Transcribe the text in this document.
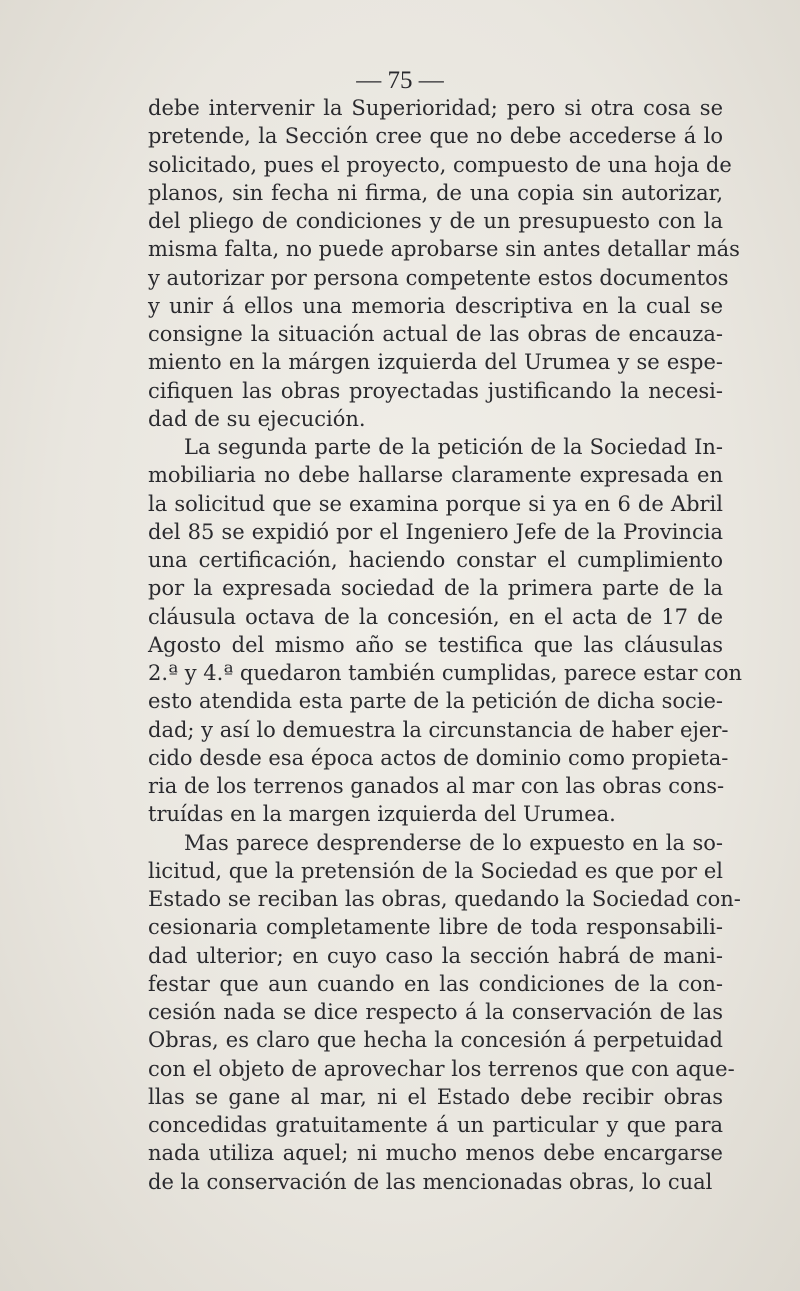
— 75 —
debe intervenir la Superioridad; pero si otra cosa se
pretende, la Sección cree que no debe accederse á lo
solicitado, pues el proyecto, compuesto de una hoja de
planos, sin fecha ni firma, de una copia sin autorizar,
del pliego de condiciones y de un presupuesto con la
misma falta, no puede aprobarse sin antes detallar más
y autorizar por persona competente estos documentos
y unir á ellos una memoria descriptiva en la cual se
consigne la situación actual de las obras de encauza-
miento en la márgen izquierda del Urumea y se espe-
cifiquen las obras proyectadas justificando la necesi-
dad de su ejecución.
La segunda parte de la petición de la Sociedad In-
mobiliaria no debe hallarse claramente expresada en
la solicitud que se examina porque si ya en 6 de Abril
del 85 se expidió por el Ingeniero Jefe de la Provincia
una certificación, haciendo constar el cumplimiento
por la expresada sociedad de la primera parte de la
cláusula octava de la concesión, en el acta de 17 de
Agosto del mismo año se testifica que las cláusulas
2.ª y 4.ª quedaron también cumplidas, parece estar con
esto atendida esta parte de la petición de dicha socie-
dad; y así lo demuestra la circunstancia de haber ejer-
cido desde esa época actos de dominio como propieta-
ria de los terrenos ganados al mar con las obras cons-
truídas en la margen izquierda del Urumea.
Mas parece desprenderse de lo expuesto en la so-
licitud, que la pretensión de la Sociedad es que por el
Estado se reciban las obras, quedando la Sociedad con-
cesionaria completamente libre de toda responsabili-
dad ulterior; en cuyo caso la sección habrá de mani-
festar que aun cuando en las condiciones de la con-
cesión nada se dice respecto á la conservación de las
Obras, es claro que hecha la concesión á perpetuidad
con el objeto de aprovechar los terrenos que con aque-
llas se gane al mar, ni el Estado debe recibir obras
concedidas gratuitamente á un particular y que para
nada utiliza aquel; ni mucho menos debe encargarse
de la conservación de las mencionadas obras, lo cual
